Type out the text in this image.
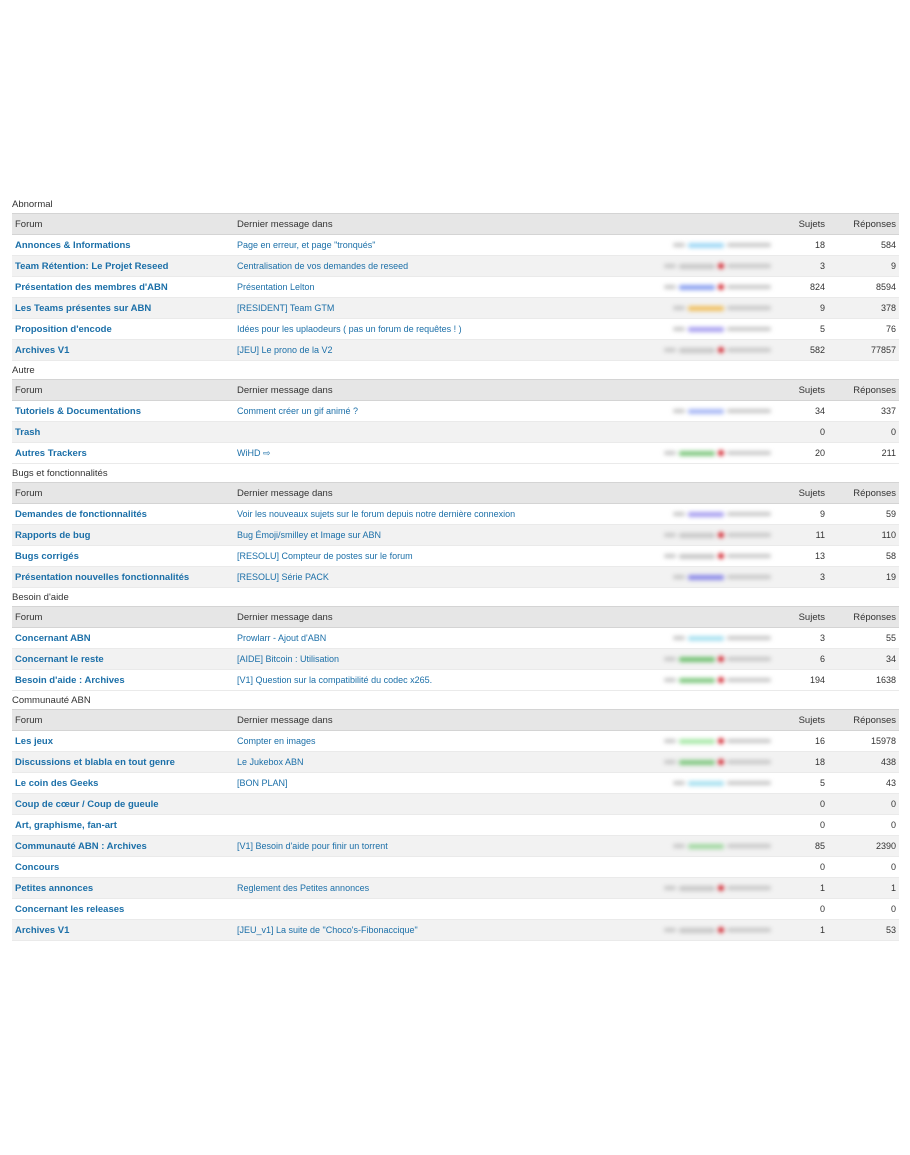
Abnormal
Forum	Dernier message dans		Sujets	Réponses
Annonces & Informations	Page en erreur, et page "tronqués"		18	584
Team Rétention: Le Projet Reseed	Centralisation de vos demandes de reseed		3	9
Présentation des membres d'ABN	Présentation Lelton		824	8594
Les Teams présentes sur ABN	[RESIDENT] Team GTM		9	378
Proposition d'encode	Idées pour les uplaodeurs ( pas un forum de requêtes ! )		5	76
Archives V1	[JEU] Le prono de la V2		582	77857
Autre
Forum	Dernier message dans		Sujets	Réponses
Tutoriels & Documentations	Comment créer un gif animé ?		34	337
Trash			0	0
Autres Trackers	WiHD ⇨		20	211
Bugs et fonctionnalités
Forum	Dernier message dans		Sujets	Réponses
Demandes de fonctionnalités	Voir les nouveaux sujets sur le forum depuis notre dernière connexion		9	59
Rapports de bug	Bug Émoji/smilley et Image sur ABN		11	110
Bugs corrigés	[RESOLU] Compteur de postes sur le forum		13	58
Présentation nouvelles fonctionnalités	[RESOLU] Série PACK		3	19
Besoin d'aide
Forum	Dernier message dans		Sujets	Réponses
Concernant ABN	Prowlarr - Ajout d'ABN		3	55
Concernant le reste	[AIDE] Bitcoin : Utilisation		6	34
Besoin d'aide : Archives	[V1] Question sur la compatibilité du codec x265.		194	1638
Communauté ABN
Forum	Dernier message dans		Sujets	Réponses
Les jeux	Compter en images		16	15978
Discussions et blabla en tout genre	Le Jukebox ABN		18	438
Le coin des Geeks	[BON PLAN]		5	43
Coup de cœur / Coup de gueule			0	0
Art, graphisme, fan-art			0	0
Communauté ABN : Archives	[V1] Besoin d'aide pour finir un torrent		85	2390
Concours			0	0
Petites annonces	Reglement des Petites annonces		1	1
Concernant les releases			0	0
Archives V1	[JEU_v1] La suite de "Choco's-Fibonaccique"		1	53
